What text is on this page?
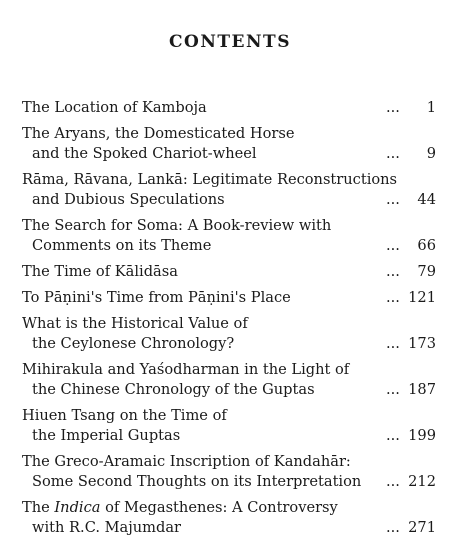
CONTENTS
The Location of Kamboja	...	1
The Aryans, the Domesticated Horse
and the Spoked Chariot-wheel	...	9
Rāma, Rāvana, Lankā: Legitimate Reconstructions
and Dubious Speculations	...	44
The Search for Soma: A Book-review with
Comments on its Theme	...	66
The Time of Kālidāsa	...	79
To Pāṇini's Time from Pāṇini's Place	... 121
What is the Historical Value of
the Ceylonese Chronology?	... 173
Mihirakula and Yaśodharman in the Light of
the Chinese Chronology of the Guptas	... 187
Hiuen Tsang on the Time of
the Imperial Guptas	... 199
The Greco-Aramaic Inscription of Kandahār:
Some Second Thoughts on its Interpretation	... 212
The Indica of Megasthenes: A Controversy
with R.C. Majumdar	... 271
